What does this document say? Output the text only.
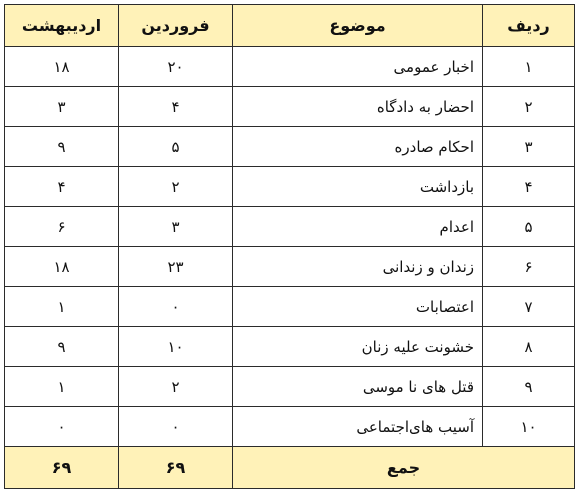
ردیف	موضوع	فروردین	اردیبهشت
۱	اخبار عمومی	۲۰	۱۸
۲	احضار به دادگاه	۴	۳
۳	احکام صادره	۵	۹
۴	بازداشت	۲	۴
۵	اعدام	۳	۶
۶	زندان و زندانی	۲۳	۱۸
۷	اعتصابات	۰	۱
۸	خشونت علیه زنان	۱۰	۹
۹	قتل های نا موسی	۲	۱
۱۰	آسیب های‌اجتماعی	۰	۰
جمع		۶۹	۶۹
